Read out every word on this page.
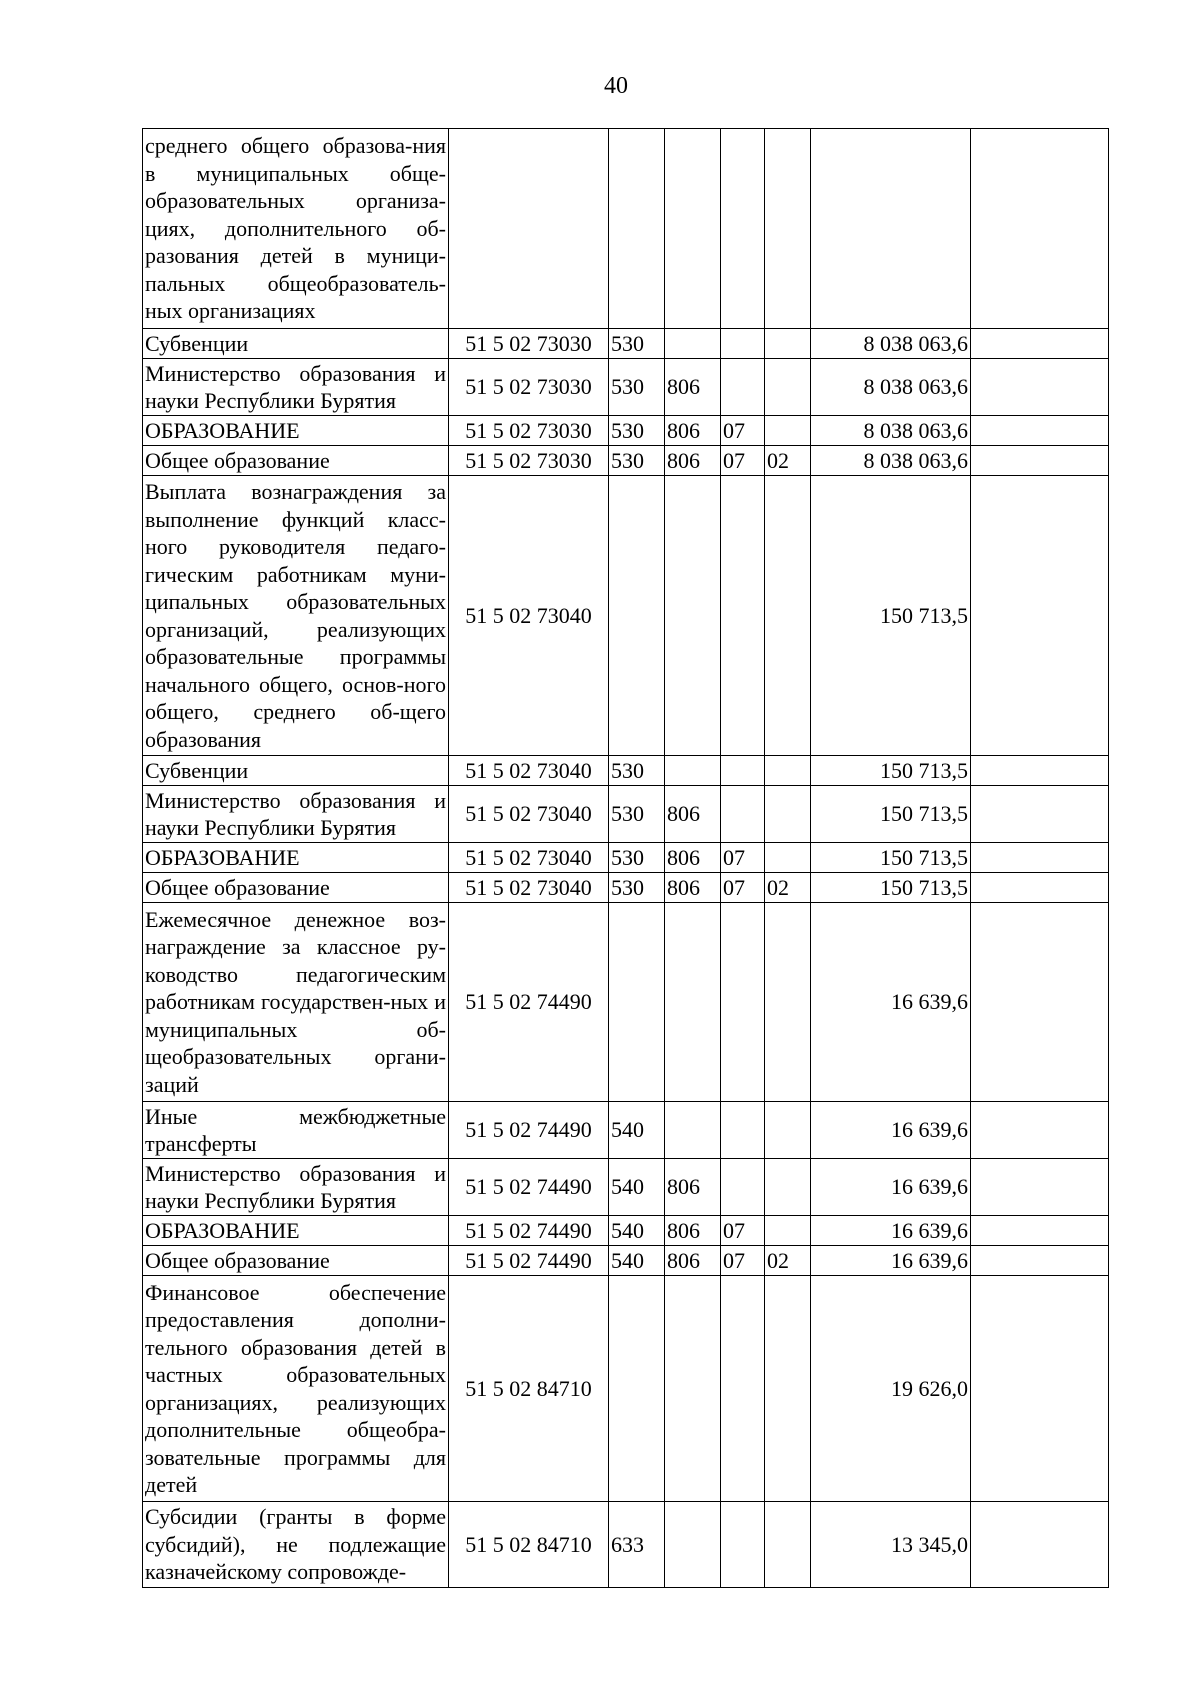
40
среднего общего образова-ния в муниципальных обще-образовательных организа-циях, дополнительного об-разования детей в муници-пальных общеобразователь-ных организациях							
Субвенции	51 5 02 73030	530				8 038 063,6	
Министерство образования и науки Республики Бурятия	51 5 02 73030	530	806			8 038 063,6	
ОБРАЗОВАНИЕ	51 5 02 73030	530	806	07		8 038 063,6	
Общее образование	51 5 02 73030	530	806	07	02	8 038 063,6	
Выплата вознаграждения за выполнение функций класс-ного руководителя педаго-гическим работникам муни-ципальных образовательных организаций, реализующих образовательные программы начального общего, основ-ного общего, среднего об-щего образования	51 5 02 73040					150 713,5	
Субвенции	51 5 02 73040	530				150 713,5	
Министерство образования и науки Республики Бурятия	51 5 02 73040	530	806			150 713,5	
ОБРАЗОВАНИЕ	51 5 02 73040	530	806	07		150 713,5	
Общее образование	51 5 02 73040	530	806	07	02	150 713,5	
Ежемесячное денежное воз-награждение за классное ру-ководство педагогическим работникам государствен-ных и муниципальных об-щеобразовательных органи-заций	51 5 02 74490					16 639,6	
Иные межбюджетные трансферты	51 5 02 74490	540				16 639,6	
Министерство образования и науки Республики Бурятия	51 5 02 74490	540	806			16 639,6	
ОБРАЗОВАНИЕ	51 5 02 74490	540	806	07		16 639,6	
Общее образование	51 5 02 74490	540	806	07	02	16 639,6	
Финансовое обеспечение предоставления дополни-тельного образования детей в частных образовательных организациях, реализующих дополнительные общеобра-зовательные программы для детей	51 5 02 84710					19 626,0	
Субсидии (гранты в форме субсидий), не подлежащие казначейскому сопровожде-	51 5 02 84710	633				13 345,0	
